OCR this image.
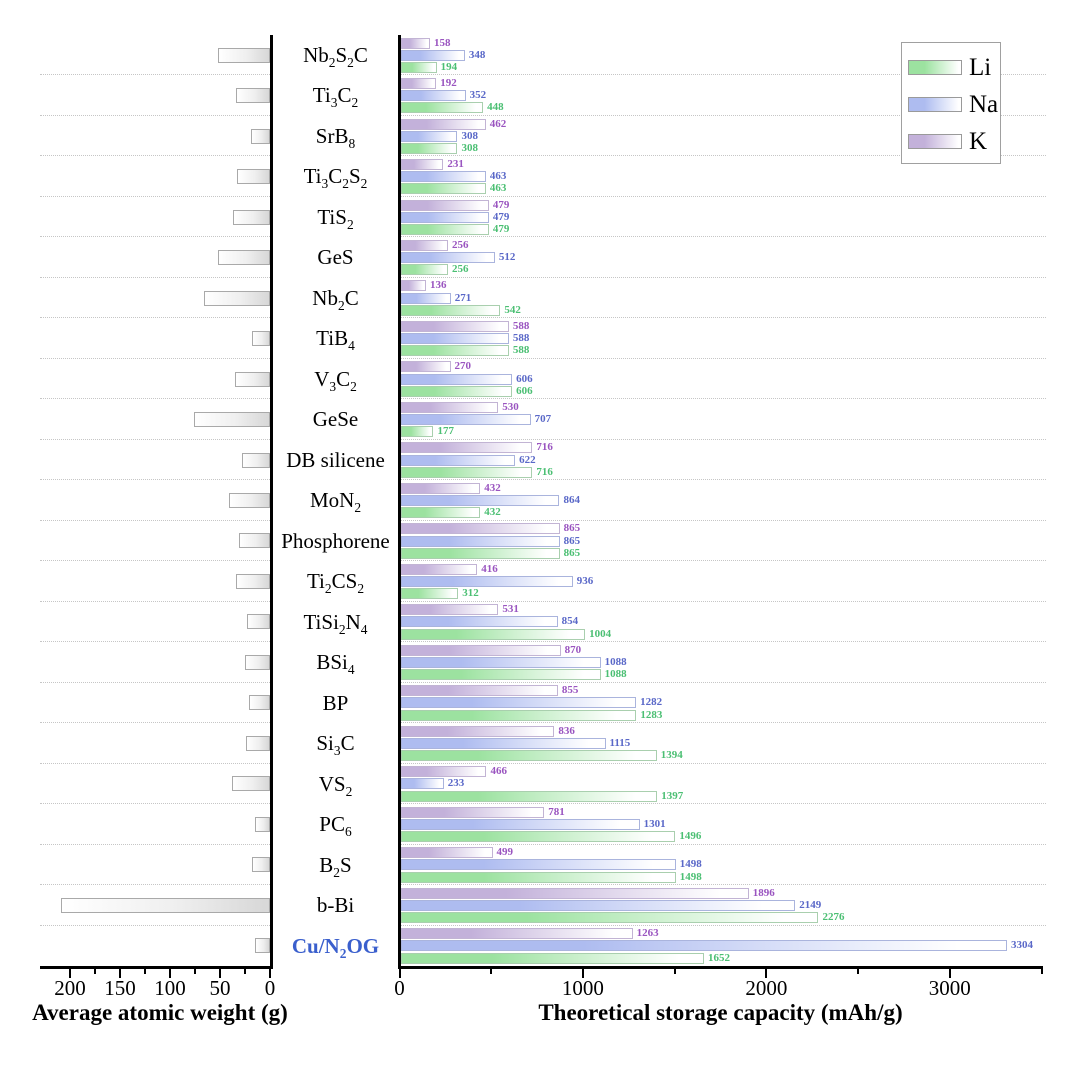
$Nb_2S_2C$
$Ti_3C_2$
SrB$_8$
$Ti_3C_2S_2$
TiS$_2$
GeS
$Nb_2C$
TiB$_4$
$V_3C_2$
GeSe
DB silicene
MoN$_2$
Phosphorene
$Ti_2CS_2$
$TiSi_2N_4$
BSi$_4$
BP
$Si_3C$
$VS_2$
$PC_6$
$B_2S$
b-Bi
$Cu/N_2OG$
158
348
194
192
352
448
462
308
308
231
463
463
479
479
479
256
512
256
136
271
542
588
588
588
270
606
606
530
707
177
716
622
716
432
864
432
865
865
865
416
936
312
531
854
1004
870
1088
1088
855
1282
1283
836
1115
1394
466
233
1397
781
1301
1496
499
1498
1498
1896
2149
2276
1263
3304
1652
200 150 100	50	0	0	1000	2000	3000
Average atomic weight (g)	Theoretical storage capacity (mAh/g)
Li
Na
K
